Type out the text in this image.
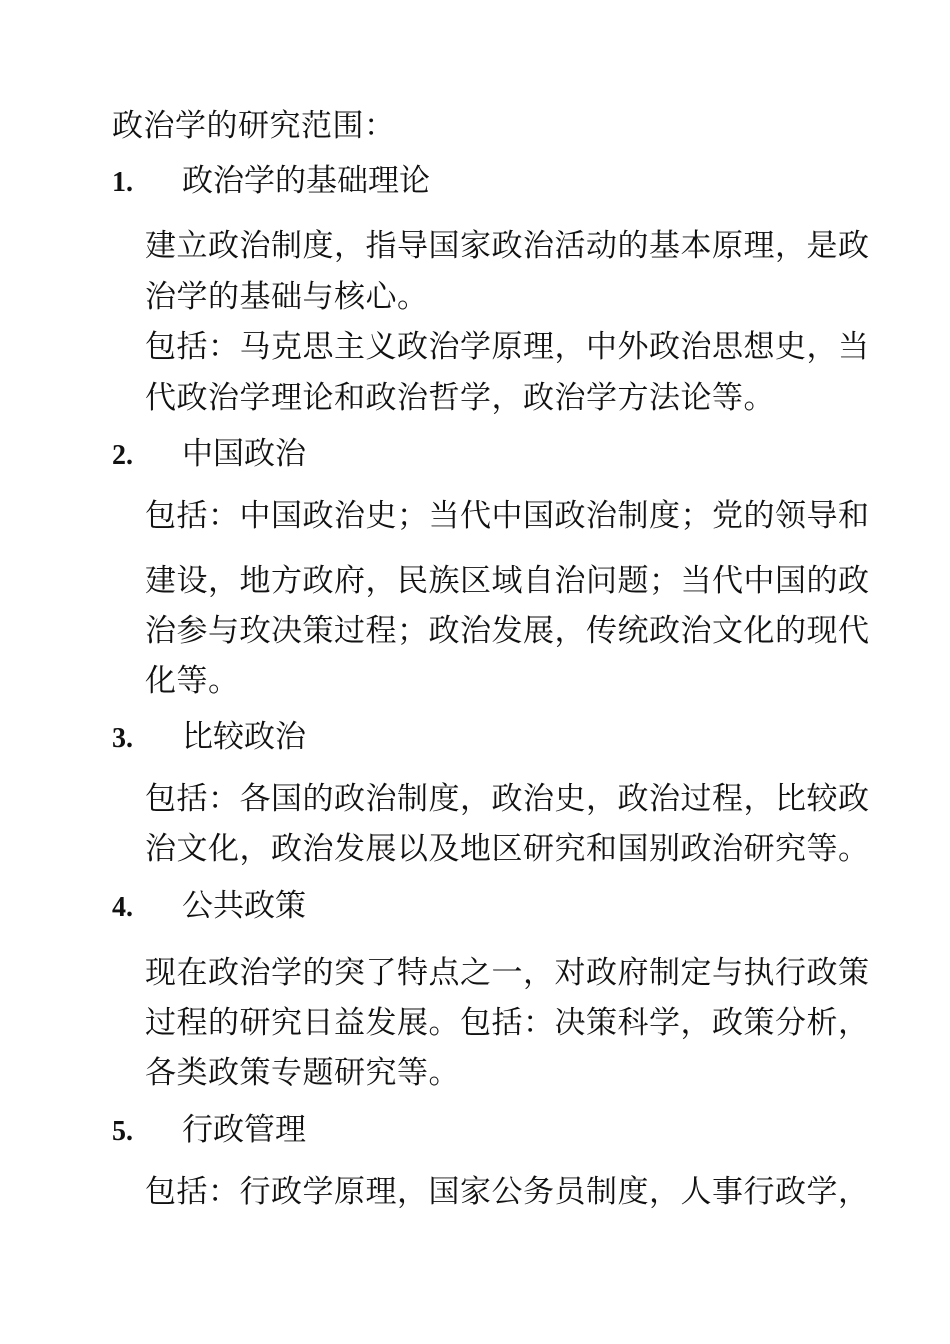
政治学的研究范围：
1. 政治学的基础理论
建立政治制度，指导国家政治活动的基本原理，是政
治学的基础与核心。
包括：马克思主义政治学原理，中外政治思想史，当
代政治学理论和政治哲学，政治学方法论等。
2. 中国政治
包括：中国政治史；当代中国政治制度；党的领导和
建设，地方政府，民族区域自治问题；当代中国的政
治参与玫决策过程；政治发展，传统政治文化的现代
化等。
3. 比较政治
包括：各国的政治制度，政治史，政治过程，比较政
治文化，政治发展以及地区研究和国别政治研究等。
4. 公共政策
现在政治学的突了特点之一，对政府制定与执行政策
过程的研究日益发展。包括：决策科学，政策分析，
各类政策专题研究等。
5. 行政管理
包括：行政学原理，国家公务员制度，人事行政学，
